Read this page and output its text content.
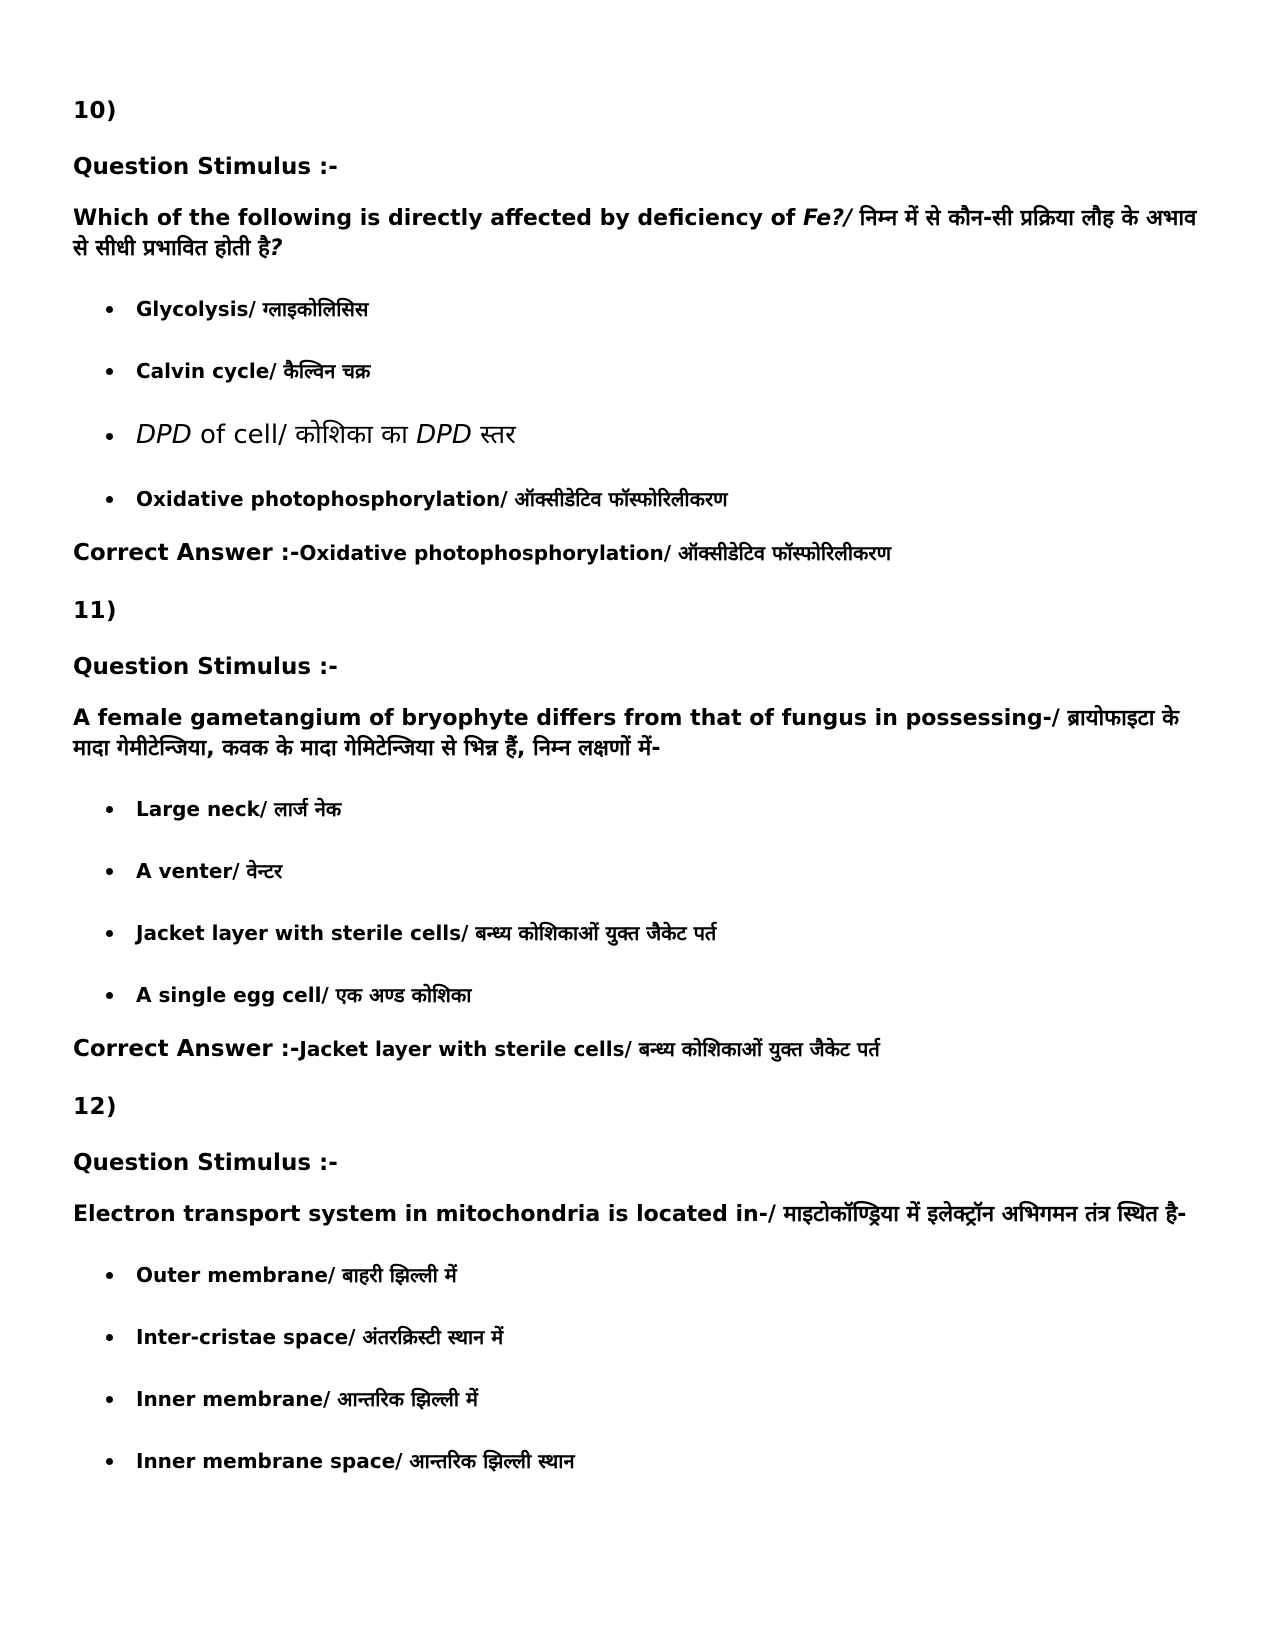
10)
Question Stimulus :-
Which of the following is directly affected by deficiency of Fe?/ निम्न में से कौन-सी प्रक्रिया लौह के अभाव से सीधी प्रभावित होती है?
Glycolysis/ ग्लाइकोलिसिस
Calvin cycle/ कैल्विन चक्र
DPD of cell/ कोशिका का DPD स्तर
Oxidative photophosphorylation/ ऑक्सीडेटिव फॉस्फोरिलीकरण
Correct Answer :-Oxidative photophosphorylation/ ऑक्सीडेटिव फॉस्फोरिलीकरण
11)
Question Stimulus :-
A female gametangium of bryophyte differs from that of fungus in possessing-/ ब्रायोफाइटा के मादा गेमीटेन्जिया, कवक के मादा गेमिटेन्जिया से भिन्न हैं, निम्न लक्षणों में-
Large neck/ लार्ज नेक
A venter/ वेन्टर
Jacket layer with sterile cells/ बन्ध्य कोशिकाओं युक्त जैकेट पर्त
A single egg cell/ एक अण्ड कोशिका
Correct Answer :-Jacket layer with sterile cells/ बन्ध्य कोशिकाओं युक्त जैकेट पर्त
12)
Question Stimulus :-
Electron transport system in mitochondria is located in-/ माइटोकॉण्ड्रिया में इलेक्ट्रॉन अभिगमन तंत्र स्थित है-
Outer membrane/ बाहरी झिल्ली में
Inter-cristae space/ अंतरक्रिस्टी स्थान में
Inner membrane/ आन्तरिक झिल्ली में
Inner membrane space/ आन्तरिक झिल्ली स्थान
